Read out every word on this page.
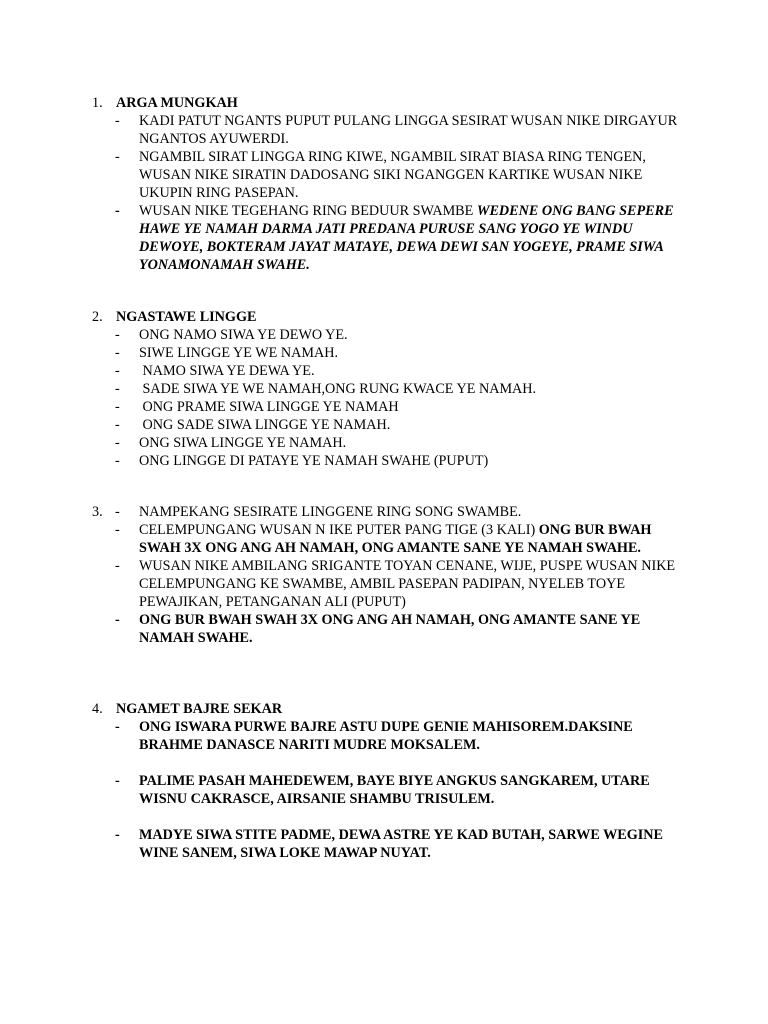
1. ARGA MUNGKAH
- KADI PATUT NGANTS PUPUT PULANG LINGGA SESIRAT WUSAN NIKE DIRGAYUR NGANTOS AYUWERDI.
- NGAMBIL SIRAT LINGGA RING KIWE, NGAMBIL SIRAT BIASA RING TENGEN, WUSAN NIKE SIRATIN DADOSANG SIKI NGANGGEN KARTIKE WUSAN NIKE UKUPIN RING PASEPAN.
- WUSAN NIKE TEGEHANG RING BEDUUR SWAMBE WEDENE ONG BANG SEPERE HAWE YE NAMAH DARMA JATI PREDANA PURUSE SANG YOGO YE WINDU DEWOYE, BOKTERAM JAYAT MATAYE, DEWA DEWI SAN YOGEYE, PRAME SIWA YONAMONAMAH SWAHE.
2. NGASTAWE LINGGE
- ONG NAMO SIWA YE DEWO YE.
- SIWE LINGGE YE WE NAMAH.
- NAMO SIWA YE DEWA YE.
- SADE SIWA YE WE NAMAH,ONG RUNG KWACE YE NAMAH.
- ONG PRAME SIWA LINGGE YE NAMAH
- ONG SADE SIWA LINGGE YE NAMAH.
- ONG SIWA LINGGE YE NAMAH.
- ONG LINGGE DI PATAYE YE NAMAH SWAHE (PUPUT)
3. - NAMPEKANG SESIRATE LINGGENE RING SONG SWAMBE.
- CELEMPUNGANG WUSAN N IKE PUTER PANG TIGE (3 KALI) ONG BUR BWAH SWAH 3X ONG ANG AH NAMAH, ONG AMANTE SANE YE NAMAH SWAHE.
- WUSAN NIKE AMBILANG SRIGANTE TOYAN CENANE, WIJE, PUSPE WUSAN NIKE CELEMPUNGANG KE SWAMBE, AMBIL PASEPAN PADIPAN, NYELEB TOYE PEWAJIKAN, PETANGANAN ALI (PUPUT)
- ONG BUR BWAH SWAH 3X ONG ANG AH NAMAH, ONG AMANTE SANE YE NAMAH SWAHE.
4. NGAMET BAJRE SEKAR
- ONG ISWARA PURWE BAJRE ASTU DUPE GENIE MAHISOREM.DAKSINE BRAHME DANASCE NARITI MUDRE MOKSALEM.
- PALIME PASAH MAHEDEWEM, BAYE BIYE ANGKUS SANGKAREM, UTARE WISNU CAKRASCE, AIRSANIE SHAMBU TRISULEM.
- MADYE SIWA STITE PADME, DEWA ASTRE YE KAD BUTAH, SARWE WEGINE WINE SANEM, SIWA LOKE MAWAP NUYAT.
